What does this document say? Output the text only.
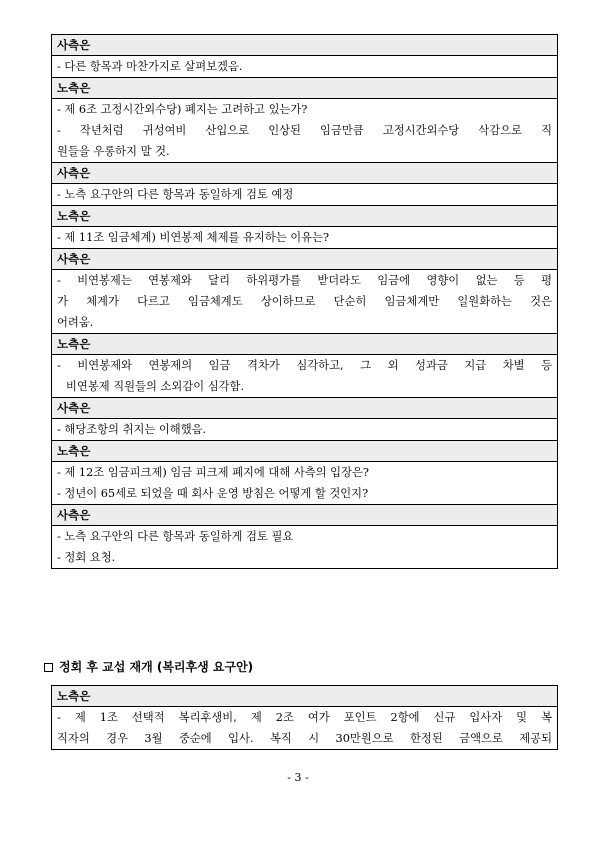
사측은

- 다른 항목과 마찬가지로 살펴보겠음.

노측은

- 제 6조 고정시간외수당) 폐지는 고려하고 있는가?
- 작년처럼 귀성여비 산입으로 인상된 임금만큼 고정시간외수당 삭감으로 직
원들을 우롱하지 말 것.

사측은

- 노측 요구안의 다른 항목과 동일하게 검토 예정

노측은

- 제 11조 임금체계) 비연봉제 체제를 유지하는 이유는?

사측은

- 비연봉제는 연봉제와 달리 하위평가를 받더라도 임금에 영향이 없는 등 평
가 체계가 다르고 임금체계도 상이하므로 단순히 임금체계만 일원화하는 것은
어려움.

노측은

- 비연봉제와 연봉제의 임금 격차가 심각하고, 그 외 성과금 지급 차별 등
비연봉제 직원들의 소외감이 심각함.

사측은

- 해당조항의 취지는 이해했음.

노측은

- 제 12조 임금피크제) 임금 피크제 폐지에 대해 사측의 입장은?
- 정년이 65세로 되었을 때 회사 운영 방침은 어떻게 할 것인지?

사측은

- 노측 요구안의 다른 항목과 동일하게 검토 필요
- 정회 요청.
정회 후 교섭 재개 (복리후생 요구안)
노측은

- 제 1조 선택적 복리후생비, 제 2조 여가 포인트 2항에 신규 입사자 및 복
직자의 경우 3월 중순에 입사. 복직 시 30만원으로 한정된 금액으로 제공되
- 3 -
